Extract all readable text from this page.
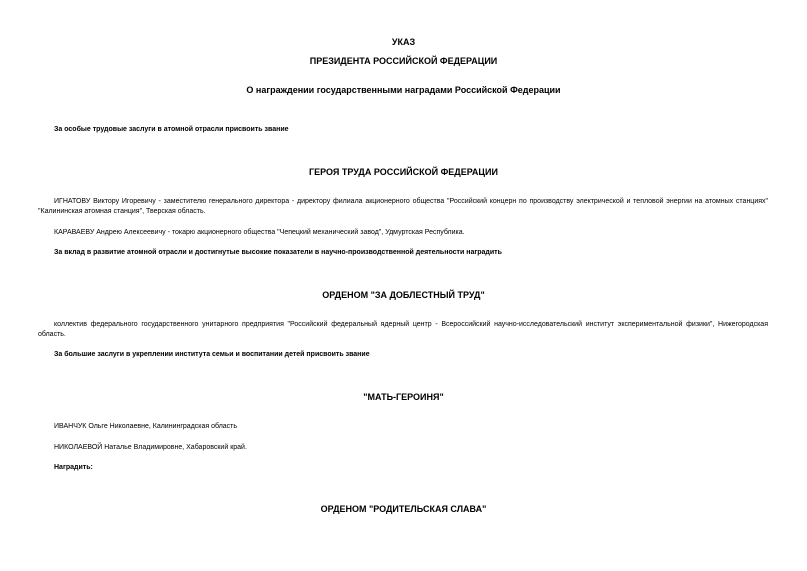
УКАЗ
ПРЕЗИДЕНТА РОССИЙСКОЙ ФЕДЕРАЦИИ
О награждении государственными наградами Российской Федерации
За особые трудовые заслуги в атомной отрасли присвоить звание
ГЕРОЯ ТРУДА РОССИЙСКОЙ ФЕДЕРАЦИИ
ИГНАТОВУ Виктору Игоревичу - заместителю генерального директора - директору филиала акционерного общества "Российский концерн по производству электрической и тепловой энергии на атомных станциях" "Калининская атомная станция", Тверская область.
КАРАВАЕВУ Андрею Алексеевичу - токарю акционерного общества "Чепецкий механический завод", Удмуртская Республика.
За вклад в развитие атомной отрасли и достигнутые высокие показатели в научно-производственной деятельности наградить
ОРДЕНОМ "ЗА ДОБЛЕСТНЫЙ ТРУД"
коллектив федерального государственного унитарного предприятия "Российский федеральный ядерный центр - Всероссийский научно-исследовательский институт экспериментальной физики", Нижегородская область.
За большие заслуги в укреплении института семьи и воспитании детей присвоить звание
"МАТЬ-ГЕРОИНЯ"
ИВАНЧУК Ольге Николаевне, Калининградская область
НИКОЛАЕВОЙ Наталье Владимировне, Хабаровский край.
Наградить:
ОРДЕНОМ "РОДИТЕЛЬСКАЯ СЛАВА"
